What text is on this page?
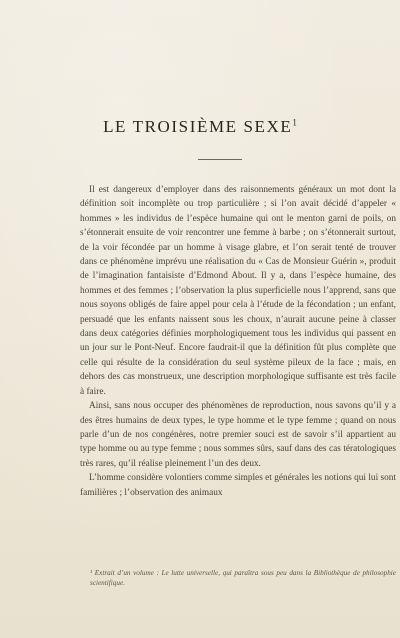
LE TROISIÈME SEXE$^1$

Il est dangereux d’employer dans des raisonnements généraux un mot dont la définition soit incomplète ou trop particulière ; si l’on avait décidé d’appeler « hommes » les individus de l’espèce humaine qui ont le menton garni de poils, on s’étonnerait ensuite de voir rencontrer une femme à barbe ; on s’étonnerait surtout, de la voir fécondée par un homme à visage glabre, et l’on serait tenté de trouver dans ce phénomène imprévu une réalisation du « Cas de Monsieur Guérin », produit de l’imagination fantaisiste d’Edmond About. Il y a, dans l’espèce humaine, des hommes et des femmes ; l’observation la plus superficielle nous l’apprend, sans que nous soyons obligés de faire appel pour cela à l’étude de la fécondation ; un enfant, persuadé que les enfants naissent sous les choux, n’aurait aucune peine à classer dans deux catégories définies morphologiquement tous les individus qui passent en un jour sur le Pont-Neuf. Encore faudrait-il que la définition fût plus complète que celle qui résulte de la considération du seul système pileux de la face ; mais, en dehors des cas monstrueux, une description morphologique suffisante est très facile à faire.

Ainsi, sans nous occuper des phénomènes de reproduction, nous savons qu’il y a des êtres humains de deux types, le type homme et le type femme ; quand on nous parle d’un de nos congénères, notre premier souci est de savoir s’il appartient au type homme ou au type femme ; nous sommes sûrs, sauf dans des cas tératologiques très rares, qu’il réalise pleinement l’un des deux.

L’homme considère volontiers comme simples et générales les notions qui lui sont familières ; l’observation des animaux

¹ Extrait d’un volume : Le lutte universelle, qui paraîtra sous peu dans la Bibliothèque de philosophie scientifique.
